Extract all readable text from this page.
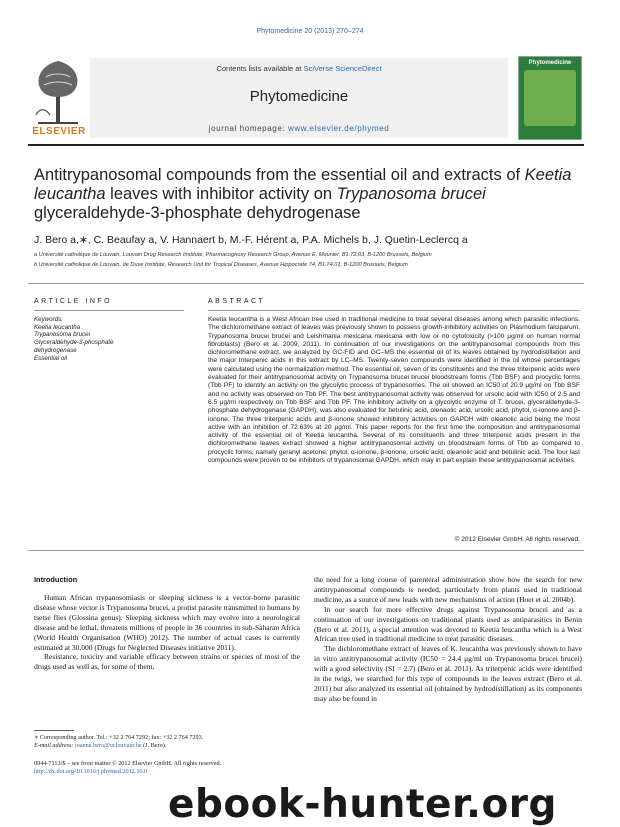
Phytomedicine 20 (2013) 270–274
Contents lists available at SciVerse ScienceDirect
Phytomedicine
journal homepage: www.elsevier.de/phymed
ELSEVIER
Phytomedicine
Antitrypanosomal compounds from the essential oil and extracts of Keetia leucantha leaves with inhibitor activity on Trypanosoma brucei glyceraldehyde-3-phosphate dehydrogenase
J. Bero a,∗, C. Beaufay a, V. Hannaert b, M.-F. Hérent a, P.A. Michels b, J. Quetin-Leclercq a
a Université catholique de Louvain, Louvain Drug Research Institute, Pharmacognosy Research Group, Avenue E. Mounier, B1.72.03, B-1200 Brussels, Belgium
b Université catholique de Louvain, de Duve Institute, Research Unit for Tropical Diseases, Avenue Hippocrate 74, B1.74.01, B-1200 Brussels, Belgium
ARTICLE INFO	ABSTRACT
Keywords:
Keetia leucantha
Trypanosoma brucei
Glyceraldehyde-3-phosphate
dehydrogenase
Essential oil

Keetia leucantha is a West African tree used in traditional medicine to treat several diseases among which parasitic infections. The dichloromethane extract of leaves was previously shown to possess growth-inhibitory activities on Plasmodium falciparum, Trypanosoma brucei brucei and Leishmania mexicana mexicana with low or no cytotoxicity (>100 μg/ml on human normal fibroblasts) (Bero et al. 2009, 2011). In continuation of our investigations on the antitrypanosomal compounds from this dichloromethane extract, we analyzed by GC-FID and GC–MS the essential oil of its leaves obtained by hydrodistillation and the major triterpenic acids in this extract by LC–MS. Twenty-seven compounds were identified in the oil whose percentages were calculated using the normalization method. The essential oil, seven of its constituents and the three triterpenic acids were evaluated for their antitrypanosomal activity on Trypanosoma brucei brucei bloodstream forms (Tbb BSF) and procyclic forms (Tbb PF) to identify an activity on the glycolytic process of trypanosomes. The oil showed an IC50 of 20.9 μg/ml on Tbb BSF and no activity was observed on Tbb PF. The best antitrypanosomal activity was observed for ursolic acid with IC50 of 2.5 and 6.5 μg/ml respectively on Tbb BSF and Tbb PF. The inhibitory activity on a glycolytic enzyme of T. brucei, glyceraldehyde-3-phosphate dehydrogenase (GAPDH), was also evaluated for betulinic acid, olenaolic acid, ursolic acid, phytol, α-ionone and β-ionone. The three triterpenic acids and β-ionone showed inhibitory activities on GAPDH with oleanolic acid being the most active with an inhibition of 72.63% at 20 μg/ml. This paper reports for the first time the composition and antitrypanosomal activity of the essential oil of Keetia leucantha. Several of its constituents and three triterpenic acids present in the dichloromethane leaves extract showed a higher antitrypanosomal activity on bloodstream forms of Tbb as compared to procyclic forms, namely geranyl acetone, phytol, α-ionone, β-ionone, ursolic acid, oleanolic acid and betulinic acid. The four last compounds were proven to be inhibitors of trypanosomal GAPDH, which may in part explain these antitrypanosomal activities.

© 2012 Elsevier GmbH. All rights reserved.
Introduction

Human African trypanosomiasis or sleeping sickness is a vector-borne parasitic disease whose vector is Trypanosoma brucei, a protist parasite transmitted to humans by tsetse flies (Glossina genus). Sleeping sickness which may evolve into a neurological disease and be lethal, threatens millions of people in 36 countries in sub-Saharan Africa (World Health Organisation (WHO) 2012). The number of actual cases is currently estimated at 30,000 (Drugs for Neglected Diseases initiative 2011).

Resistance, toxicity and variable efficacy between strains or species of most of the drugs used as well as, for some of them,

the need for a long course of parenteral administration show how the search for new antitrypanosomal compounds is needed, particularly from plants used in traditional medicine, as a source of new leads with new mechanisms of action (Hoet et al. 2004b).

In our search for more effective drugs against Trypanosoma brucei and as a continuation of our investigations on traditional plants used as antiparasitics in Benin (Bero et al. 2011), a special attention was devoted to Keetia leucantha which is a West African tree used in traditional medicine to treat parasitic diseases.

The dichloromethane extract of leaves of K. leucantha was previously shown to have in vitro antitrypanosomal activity (IC50 = 24.4 μg/ml on Trypanosoma brucei brucei) with a good selectivity (SI = 2.7) (Bero et al. 2011). As triterpenic acids were identified in the twigs, we searched for this type of compounds in the leaves extract (Bero et al. 2011) but also analyzed its essential oil (obtained by hydrodistillation) as its components may also be found in

∗ Corresponding author. Tel.: +32 2 764 7292; fax: +32 2 764 7293.
E-mail address: joanne.bero@uclouvain.be (J. Bero).
0944-7113/$ – see front matter © 2012 Elsevier GmbH. All rights reserved.
http://dx.doi.org/10.1016/j.phymed.2012.10.0
ebook-hunter.org
